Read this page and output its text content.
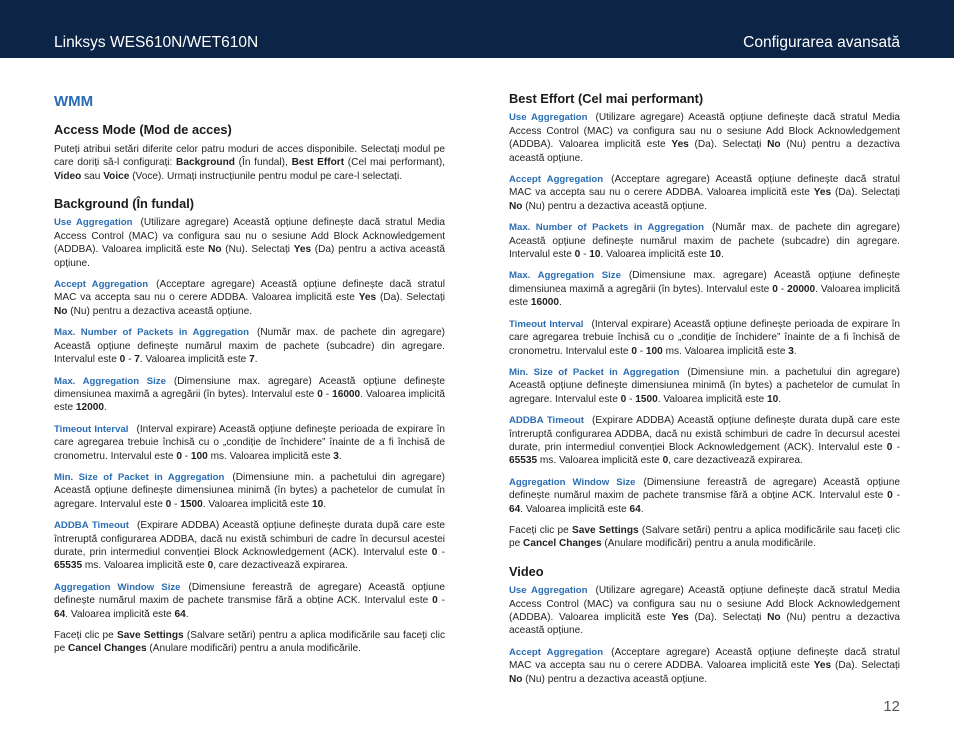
Linksys WES610N/WET610N	Configurarea avansată
WMM
Access Mode (Mod de acces)

Puteți atribui setări diferite celor patru moduri de acces disponibile. Selectați modul pe care doriți să-l configurați: Background (În fundal), Best Effort (Cel mai performant), Video sau Voice (Voce). Urmați instrucțiunile pentru modul pe care-l selectați.

Background (În fundal)

Use Aggregation (Utilizare agregare) Această opțiune definește dacă stratul Media Access Control (MAC) va configura sau nu o sesiune Add Block Acknowledgement (ADDBA). Valoarea implicită este No (Nu). Selectați Yes (Da) pentru a activa această opțiune.

Accept Aggregation (Acceptare agregare) Această opțiune definește dacă stratul MAC va accepta sau nu o cerere ADDBA. Valoarea implicită este Yes (Da). Selectați No (Nu) pentru a dezactiva această opțiune.

Max. Number of Packets in Aggregation (Număr max. de pachete din agregare) Această opțiune definește numărul maxim de pachete (subcadre) din agregare. Intervalul este 0 - 7. Valoarea implicită este 7.

Max. Aggregation Size (Dimensiune max. agregare) Această opțiune definește dimensiunea maximă a agregării (în bytes). Intervalul este 0 - 16000. Valoarea implicită este 12000.

Timeout Interval (Interval expirare) Această opțiune definește perioada de expirare în care agregarea trebuie închisă cu o „condiție de închidere” înainte de a fi închisă de cronometru. Intervalul este 0 - 100 ms. Valoarea implicită este 3.

Min. Size of Packet in Aggregation (Dimensiune min. a pachetului din agregare) Această opțiune definește dimensiunea minimă (în bytes) a pachetelor de cumulat în agregare. Intervalul este 0 - 1500. Valoarea implicită este 10.

ADDBA Timeout (Expirare ADDBA) Această opțiune definește durata după care este întreruptă configurarea ADDBA, dacă nu există schimburi de cadre în decursul acestei durate, prin intermediul convenției Block Acknowledgement (ACK). Intervalul este 0 - 65535 ms. Valoarea implicită este 0, care dezactivează expirarea.

Aggregation Window Size (Dimensiune fereastră de agregare) Această opțiune definește numărul maxim de pachete transmise fără a obține ACK. Intervalul este 0 - 64. Valoarea implicită este 64.

Faceți clic pe Save Settings (Salvare setări) pentru a aplica modificările sau faceți clic pe Cancel Changes (Anulare modificări) pentru a anula modificările.

Best Effort (Cel mai performant)

Use Aggregation (Utilizare agregare) Această opțiune definește dacă stratul Media Access Control (MAC) va configura sau nu o sesiune Add Block Acknowledgement (ADDBA). Valoarea implicită este Yes (Da). Selectați No (Nu) pentru a dezactiva această opțiune.

Accept Aggregation (Acceptare agregare) Această opțiune definește dacă stratul MAC va accepta sau nu o cerere ADDBA. Valoarea implicită este Yes (Da). Selectați No (Nu) pentru a dezactiva această opțiune.

Max. Number of Packets in Aggregation (Număr max. de pachete din agregare) Această opțiune definește numărul maxim de pachete (subcadre) din agregare. Intervalul este 0 - 10. Valoarea implicită este 10.

Max. Aggregation Size (Dimensiune max. agregare) Această opțiune definește dimensiunea maximă a agregării (în bytes). Intervalul este 0 - 20000. Valoarea implicită este 16000.

Timeout Interval (Interval expirare) Această opțiune definește perioada de expirare în care agregarea trebuie închisă cu o „condiție de închidere” înainte de a fi închisă de cronometru. Intervalul este 0 - 100 ms. Valoarea implicită este 3.

Min. Size of Packet in Aggregation (Dimensiune min. a pachetului din agregare) Această opțiune definește dimensiunea minimă (în bytes) a pachetelor de cumulat în agregare. Intervalul este 0 - 1500. Valoarea implicită este 10.

ADDBA Timeout (Expirare ADDBA) Această opțiune definește durata după care este întreruptă configurarea ADDBA, dacă nu există schimburi de cadre în decursul acestei durate, prin intermediul convenției Block Acknowledgement (ACK). Intervalul este 0 - 65535 ms. Valoarea implicită este 0, care dezactivează expirarea.

Aggregation Window Size (Dimensiune fereastră de agregare) Această opțiune definește numărul maxim de pachete transmise fără a obține ACK. Intervalul este 0 - 64. Valoarea implicită este 64.

Faceți clic pe Save Settings (Salvare setări) pentru a aplica modificările sau faceți clic pe Cancel Changes (Anulare modificări) pentru a anula modificările.

Video

Use Aggregation (Utilizare agregare) Această opțiune definește dacă stratul Media Access Control (MAC) va configura sau nu o sesiune Add Block Acknowledgement (ADDBA). Valoarea implicită este Yes (Da). Selectați No (Nu) pentru a dezactiva această opțiune.

Accept Aggregation (Acceptare agregare) Această opțiune definește dacă stratul MAC va accepta sau nu o cerere ADDBA. Valoarea implicită este Yes (Da). Selectați No (Nu) pentru a dezactiva această opțiune.

12
